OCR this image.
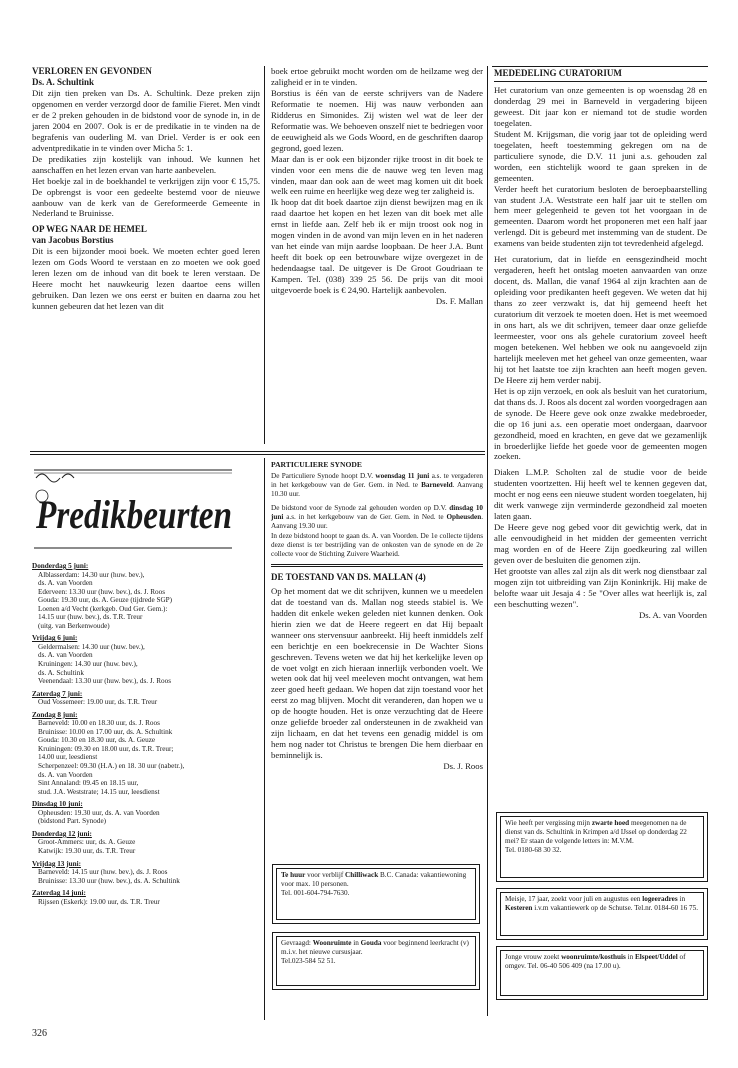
VERLOREN EN GEVONDEN
Ds. A. Schultink

Dit zijn tien preken van Ds. A. Schultink. Deze preken zijn opgenomen en verder verzorgd door de familie Fieret. Men vindt er de 2 preken gehouden in de bidstond voor de synode in, in de jaren 2004 en 2007. Ook is er de predikatie in te vinden na de begrafenis van ouderling M. van Driel. Verder is er ook een adventpredikatie in te vinden over Micha 5: 1.

De predikaties zijn kostelijk van inhoud. We kunnen het aanschaffen en het lezen ervan van harte aanbevelen.

Het boekje zal in de boekhandel te verkrijgen zijn voor € 15,75. De opbrengst is voor een gedeelte bestemd voor de nieuwe aanbouw van de kerk van de Gereformeerde Gemeente in Nederland te Bruinisse.

OP WEG NAAR DE HEMEL
van Jacobus Borstius

Dit is een bijzonder mooi boek. We moeten echter goed leren lezen om Gods Woord te verstaan en zo moeten we ook goed leren lezen om de inhoud van dit boek te leren verstaan. De Heere mocht het nauwkeurig lezen daartoe eens willen gebruiken. Dan lezen we ons eerst er buiten en daarna zou het kunnen gebeuren dat het lezen van dit

boek ertoe gebruikt mocht worden om de heilzame weg der zaligheid er in te vinden.

Borstius is één van de eerste schrijvers van de Nadere Reformatie te noemen. Hij was nauw verbonden aan Ridderus en Simonides. Zij wisten wel wat de leer der Reformatie was. We behoeven onszelf niet te bedriegen voor de eeuwigheid als we Gods Woord, en de geschriften daarop gegrond, goed lezen.

Maar dan is er ook een bijzonder rijke troost in dit boek te vinden voor een mens die de nauwe weg ten leven mag vinden, maar dan ook aan de weet mag komen uit dit boek welk een ruime en heerlijke weg deze weg ter zaligheid is.

Ik hoop dat dit boek daartoe zijn dienst bewijzen mag en ik raad daartoe het kopen en het lezen van dit boek met alle ernst in liefde aan. Zelf heb ik er mijn troost ook nog in mogen vinden in de avond van mijn leven en in het naderen van het einde van mijn aardse loopbaan. De heer J.A. Bunt heeft dit boek op een betrouwbare wijze overgezet in de hedendaagse taal. De uitgever is De Groot Goudriaan te Kampen. Tel. (038) 339 25 56. De prijs van dit mooi uitgevoerde boek is € 24,90. Hartelijk aanbevolen.

Ds. F. Mallan

MEDEDELING CURATORIUM

Het curatorium van onze gemeenten is op woensdag 28 en donderdag 29 mei in Barneveld in vergadering bijeen geweest. Dit jaar kon er niemand tot de studie worden toegelaten.

Student M. Krijgsman, die vorig jaar tot de opleiding werd toegelaten, heeft toestemming gekregen om na de particuliere synode, die D.V. 11 juni a.s. gehouden zal worden, een stichtelijk woord te gaan spreken in de gemeenten.

Verder heeft het curatorium besloten de beroepbaarstelling van student J.A. Weststrate een half jaar uit te stellen om hem meer gelegenheid te geven tot het voorgaan in de gemeenten. Daarom wordt het proponeren met een half jaar verlengd. Dit is gebeurd met instemming van de student. De examens van beide studenten zijn tot tevredenheid afgelegd.

Het curatorium, dat in liefde en eensgezindheid mocht vergaderen, heeft het ontslag moeten aanvaarden van onze docent, ds. Mallan, die vanaf 1964 al zijn krachten aan de opleiding voor predikanten heeft gegeven. We weten dat hij thans zo zeer verzwakt is, dat hij gemeend heeft het curatorium dit verzoek te moeten doen. Het is met weemoed in ons hart, als we dit schrijven, temeer daar onze geliefde leermeester, voor ons als gehele curatorium zoveel heeft mogen betekenen. Wel hebben we ook nu aangevoeld zijn hartelijk meeleven met het geheel van onze gemeenten, waar hij tot het laatste toe zijn krachten aan heeft mogen geven. De Heere zij hem verder nabij.

Het is op zijn verzoek, en ook als besluit van het curatorium, dat thans ds. J. Roos als docent zal worden voorgedragen aan de synode. De Heere geve ook onze zwakke medebroeder, die op 16 juni a.s. een operatie moet ondergaan, daarvoor gezondheid, moed en krachten, en geve dat we gezamenlijk in broederlijke liefde het goede voor de gemeenten mogen zoeken.

Diaken L.M.P. Scholten zal de studie voor de beide studenten voortzetten. Hij heeft wel te kennen gegeven dat, mocht er nog eens een nieuwe student worden toegelaten, hij dit werk vanwege zijn verminderde gezondheid zal moeten laten gaan.

De Heere geve nog gebed voor dit gewichtig werk, dat in alle eenvoudigheid in het midden der gemeenten verricht mag worden en of de Heere Zijn goedkeuring zal willen geven over de besluiten die genomen zijn.

Het grootste van alles zal zijn als dit werk nog dienstbaar zal mogen zijn tot uitbreiding van Zijn Koninkrijk. Hij make de belofte waar uit Jesaja 4 : 5e "Over alles wat heerlijk is, zal een beschutting wezen".

Ds. A. van Voorden

Predikbeurten
Donderdag 5 juni:
Alblasserdam: 14.30 uur (huw. bev.),
ds. A. van Voorden
Ederveen: 13.30 uur (huw. bev.), ds. J. Roos
Gouda: 19.30 uur, ds. A. Geuze (tijdrede SGP)
Loenen a/d Vecht (kerkgeb. Oud Ger. Gem.):
14.15 uur (huw. bev.), ds. T.R. Treur
(uitg. van Berkenwoude)
Vrijdag 6 juni:
Geldermalsen: 14.30 uur (huw. bev.),
ds. A. van Voorden
Kruiningen: 14.30 uur (huw. bev.),
ds. A. Schultink
Veenendaal: 13.30 uur (huw. bev.), ds. J. Roos
Zaterdag 7 juni:
Oud Vossemeer: 19.00 uur, ds. T.R. Treur
Zondag 8 juni:
Barneveld: 10.00 en 18.30 uur, ds. J. Roos
Bruinisse: 10.00 en 17.00 uur, ds. A. Schultink
Gouda: 10.30 en 18.30 uur, ds. A. Geuze
Kruiningen: 09.30 en 18.00 uur, ds. T.R. Treur;
14.00 uur, leesdienst
Scherpenzeel: 09.30 (H.A.) en 18. 30 uur (nabetr.),
ds. A. van Voorden
Sint Annaland: 09.45 en 18.15 uur,
stud. J.A. Weststrate; 14.15 uur, leesdienst
Dinsdag 10 juni:
Opheusden: 19.30 uur, ds. A. van Voorden
(bidstond Part. Synode)
Donderdag 12 juni:
Groot-Ammers: uur, ds. A. Geuze
Katwijk: 19.30 uur, ds. T.R. Treur
Vrijdag 13 juni:
Barneveld: 14.15 uur (huw. bev.), ds. J. Roos
Bruinisse: 13.30 uur (huw. bev.), ds. A. Schultink
Zaterdag 14 juni:
Rijssen (Eskerk): 19.00 uur, ds. T.R. Treur
PARTICULIERE SYNODE

De Particuliere Synode hoopt D.V. woensdag 11 juni a.s. te vergaderen in het kerkgebouw van de Ger. Gem. in Ned. te Barneveld. Aanvang 10.30 uur.

De bidstond voor de Synode zal gehouden worden op D.V. dinsdag 10 juni a.s. in het kerkgebouw van de Ger. Gem. in Ned. te Opheusden. Aanvang 19.30 uur.

In deze bidstond hoopt te gaan ds. A. van Voorden. De 1e collecte tijdens deze dienst is ter bestrijding van de onkosten van de synode en de 2e collecte voor de Stichting Zuivere Waarheid.

DE TOESTAND VAN DS. MALLAN (4)

Op het moment dat we dit schrijven, kunnen we u meedelen dat de toestand van ds. Mallan nog steeds stabiel is. We hadden dit enkele weken geleden niet kunnen denken. Ook hierin zien we dat de Heere regeert en dat Hij bepaalt wanneer ons stervensuur aanbreekt. Hij heeft inmiddels zelf een berichtje en een boekrecensie in De Wachter Sions geschreven. Tevens weten we dat hij het kerkelijke leven op de voet volgt en zich hieraan innerlijk verbonden voelt. We weten ook dat hij veel meeleven mocht ontvangen, wat hem zeer goed heeft gedaan. We hopen dat zijn toestand voor het eerst zo mag blijven. Mocht dit veranderen, dan hopen we u op de hoogte houden. Het is onze verzuchting dat de Heere onze geliefde broeder zal ondersteunen in de zwakheid van zijn lichaam, en dat het tevens een genadig middel is om hem nog nader tot Christus te brengen Die hem dierbaar en beminnelijk is.

Ds. J. Roos

Te huur voor verblijf Chilliwack B.C. Canada: vakantiewoning voor max. 10 personen.
Tel. 001-604-794-7630.
Gevraagd: Woonruimte in Gouda voor beginnend leerkracht (v) m.i.v. het nieuwe cursusjaar.
Tel.023-584 52 51.
Wie heeft per vergissing mijn zwarte hoed meegenomen na de dienst van ds. Schultink in Krimpen a/d IJssel op donderdag 22 mei? Er staan de volgende letters in: M.V.M.
Tel. 0180-68 30 32.
Meisje, 17 jaar, zoekt voor juli en augustus een logeeradres in Kesteren i.v.m vakantiewerk op de Schutse. Tel.nr. 0184-60 16 75.
Jonge vrouw zoekt woonruimte/kosthuis in Elspeet/Uddel of omgev. Tel. 06-40 506 409 (na 17.00 u).
326
